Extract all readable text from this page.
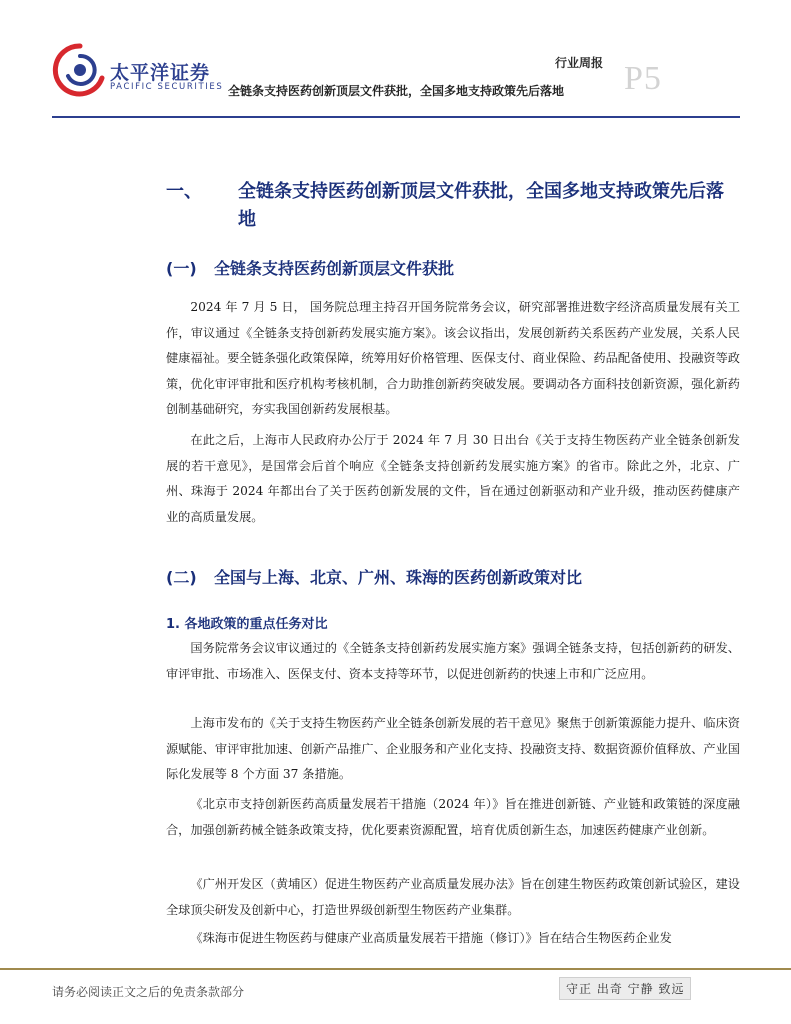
太平洋证券
PACIFIC SECURITIES
行业周报
全链条支持医药创新顶层文件获批，全国多地支持政策先后落地 P5
一、 全链条支持医药创新顶层文件获批，全国多地支持政策先后落地
(一) 全链条支持医药创新顶层文件获批

2024 年 7 月 5 日， 国务院总理主持召开国务院常务会议，研究部署推进数字经济高质量发展有关工作，审议通过《全链条支持创新药发展实施方案》。该会议指出，发展创新药关系医药产业发展，关系人民健康福祉。要全链条强化政策保障，统筹用好价格管理、医保支付、商业保险、药品配备使用、投融资等政策，优化审评审批和医疗机构考核机制，合力助推创新药突破发展。要调动各方面科技创新资源，强化新药创制基础研究，夯实我国创新药发展根基。

在此之后，上海市人民政府办公厅于 2024 年 7 月 30 日出台《关于支持生物医药产业全链条创新发展的若干意见》，是国常会后首个响应《全链条支持创新药发展实施方案》的省市。除此之外，北京、广州、珠海于 2024 年都出台了关于医药创新发展的文件，旨在通过创新驱动和产业升级，推动医药健康产业的高质量发展。

(二) 全国与上海、北京、广州、珠海的医药创新政策对比
1. 各地政策的重点任务对比

国务院常务会议审议通过的《全链条支持创新药发展实施方案》强调全链条支持，包括创新药的研发、审评审批、市场准入、医保支付、资本支持等环节，以促进创新药的快速上市和广泛应用。

上海市发布的《关于支持生物医药产业全链条创新发展的若干意见》聚焦于创新策源能力提升、临床资源赋能、审评审批加速、创新产品推广、企业服务和产业化支持、投融资支持、数据资源价值释放、产业国际化发展等 8 个方面 37 条措施。

《北京市支持创新医药高质量发展若干措施（2024 年）》旨在推进创新链、产业链和政策链的深度融合，加强创新药械全链条政策支持，优化要素资源配置，培育优质创新生态，加速医药健康产业创新。

《广州开发区（黄埔区）促进生物医药产业高质量发展办法》旨在创建生物医药政策创新试验区，建设全球顶尖研发及创新中心，打造世界级创新型生物医药产业集群。

《珠海市促进生物医药与健康产业高质量发展若干措施（修订）》旨在结合生物医药企业发

请务必阅读正文之后的免责条款部分	守正 出奇 宁静 致远
